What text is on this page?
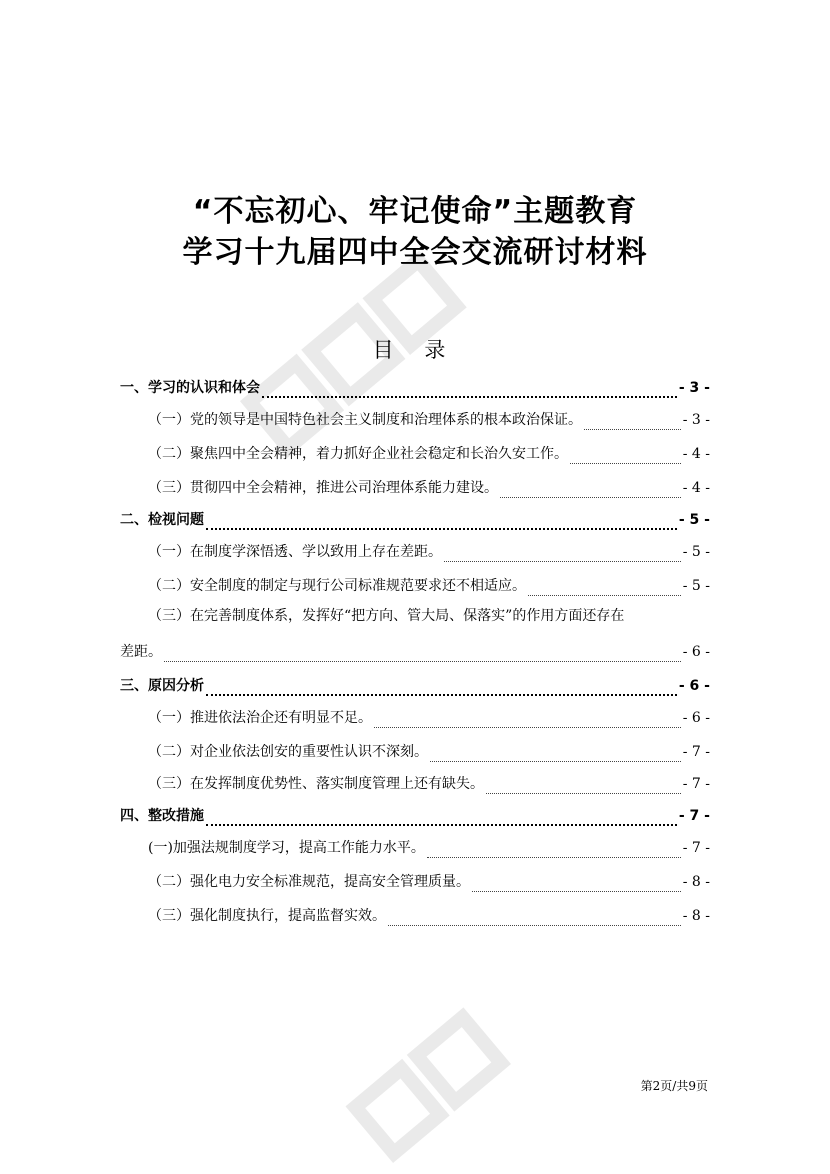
“不忘初心、牢记使命”主题教育
学习十九届四中全会交流研讨材料
目 录
一、学习的认识和体会	- 3 -
（一）党的领导是中国特色社会主义制度和治理体系的根本政治保证。	- 3 -
（二）聚焦四中全会精神，着力抓好企业社会稳定和长治久安工作。	- 4 -
（三）贯彻四中全会精神，推进公司治理体系能力建设。	- 4 -
二、检视问题	- 5 -
（一）在制度学深悟透、学以致用上存在差距。	- 5 -
（二）安全制度的制定与现行公司标准规范要求还不相适应。	- 5 -
（三）在完善制度体系，发挥好“把方向、管大局、保落实”的作用方面还存在
差距。	- 6 -
三、原因分析	- 6 -
（一）推进依法治企还有明显不足。	- 6 -
（二）对企业依法创安的重要性认识不深刻。	- 7 -
（三）在发挥制度优势性、落实制度管理上还有缺失。	- 7 -
四、整改措施	- 7 -
(一)加强法规制度学习，提高工作能力水平。	- 7 -
（二）强化电力安全标准规范，提高安全管理质量。	- 8 -
（三）强化制度执行，提高监督实效。	- 8 -
第2页/共9页
